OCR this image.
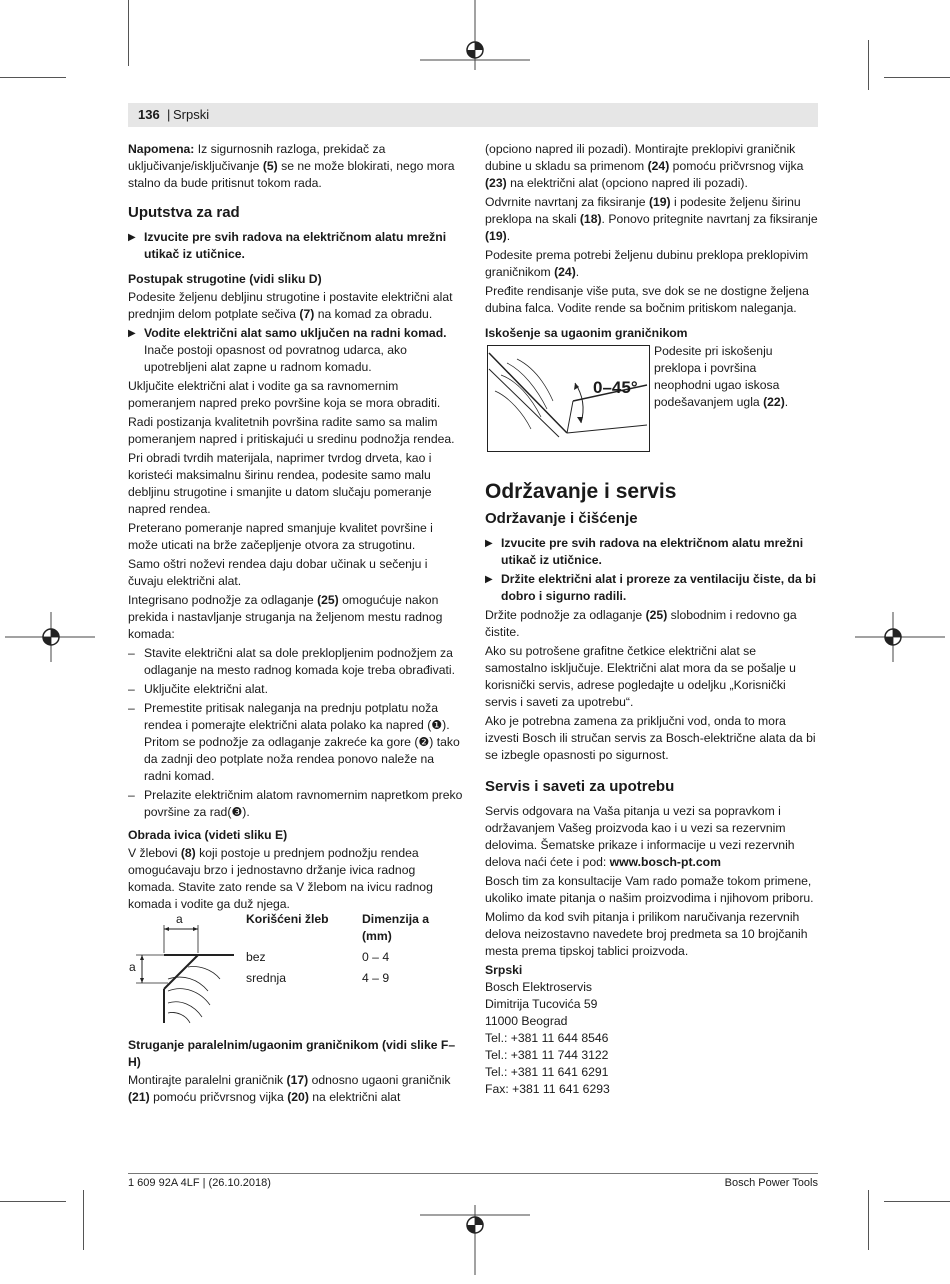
136 | Srpski

Napomena: Iz sigurnosnih razloga, prekidač za uključivanje/isključivanje (5) se ne može blokirati, nego mora stalno da bude pritisnut tokom rada.

Uputstva za rad
▶ Izvucite pre svih radova na električnom alatu mrežni utikač iz utičnice.
Postupak strugotine (vidi sliku D)

Podesite željenu debljinu strugotine i postavite električni alat prednjim delom potplate sečiva (7) na komad za obradu.

▶ Vodite električni alat samo uključen na radni komad. Inače postoji opasnost od povratnog udarca, ako upotrebljeni alat zapne u radnom komadu.

Uključite električni alat i vodite ga sa ravnomernim pomeranjem napred preko površine koja se mora obraditi.

Radi postizanja kvalitetnih površina radite samo sa malim pomeranjem napred i pritiskajući u sredinu podnožja rendea.

Pri obradi tvrdih materijala, naprimer tvrdog drveta, kao i koristeći maksimalnu širinu rendea, podesite samo malu debljinu strugotine i smanjite u datom slučaju pomeranje napred rendea.

Preterano pomeranje napred smanjuje kvalitet površine i može uticati na brže začepljenje otvora za strugotinu.

Samo oštri noževi rendea daju dobar učinak u sečenju i čuvaju električni alat.

Integrisano podnožje za odlaganje (25) omogućuje nakon prekida i nastavljanje struganja na željenom mestu radnog komada:

– Stavite električni alat sa dole preklopljenim podnožjem za odlaganje na mesto radnog komada koje treba obrađivati.
– Uključite električni alat.
– Premestite pritisak naleganja na prednju potplatu noža rendea i pomerajte električni alata polako ka napred (❶). Pritom se podnožje za odlaganje zakreće ka gore (❷) tako da zadnji deo potplate noža rendea ponovo naleže na radni komad.
– Prelazite električnim alatom ravnomernim napretkom preko površine za rad(❸).
Obrada ivica (videti sliku E)

V žlebovi (8) koji postoje u prednjem podnožju rendea omogućavaju brzo i jednostavno držanje ivica radnog komada. Stavite zato rende sa V žlebom na ivicu radnog komada i vodite ga duž njega.

a
a
Korišćeni žleb	Dimenzija a (mm)
bez	0 – 4
srednja	4 – 9
Struganje paralelnim/ugaonim graničnikom (vidi slike F–H)

Montirajte paralelni graničnik (17) odnosno ugaoni graničnik (21) pomoću pričvrsnog vijka (20) na električni alat

(opciono napred ili pozadi). Montirajte preklopivi graničnik dubine u skladu sa primenom (24) pomoću pričvrsnog vijka (23) na električni alat (opciono napred ili pozadi).

Odvrnite navrtanj za fiksiranje (19) i podesite željenu širinu preklopa na skali (18). Ponovo pritegnite navrtanj za fiksiranje (19).

Podesite prema potrebi željenu dubinu preklopa preklopivim graničnikom (24).

Pređite rendisanje više puta, sve dok se ne dostigne željena dubina falca. Vodite rende sa bočnim pritiskom naleganja.

Iskošenje sa ugaonim graničnikom
0–45°

Podesite pri iskošenju preklopa i površina neophodni ugao iskosa podešavanjem ugla (22).

Održavanje i servis
Održavanje i čišćenje
▶ Izvucite pre svih radova na električnom alatu mrežni utikač iz utičnice.
▶ Držite električni alat i proreze za ventilaciju čiste, da bi dobro i sigurno radili.

Držite podnožje za odlaganje (25) slobodnim i redovno ga čistite.

Ako su potrošene grafitne četkice električni alat se samostalno isključuje. Električni alat mora da se pošalje u korisnički servis, adrese pogledajte u odeljku „Korisnički servis i saveti za upotrebu“.

Ako je potrebna zamena za priključni vod, onda to mora izvesti Bosch ili stručan servis za Bosch-električne alata da bi se izbegle opasnosti po sigurnost.

Servis i saveti za upotrebu

Servis odgovara na Vaša pitanja u vezi sa popravkom i održavanjem Vašeg proizvoda kao i u vezi sa rezervnim delovima. Šematske prikaze i informacije u vezi rezervnih delova naći ćete i pod: www.bosch-pt.com

Bosch tim za konsultacije Vam rado pomaže tokom primene, ukoliko imate pitanja o našim proizvodima i njihovom priboru.

Molimo da kod svih pitanja i prilikom naručivanja rezervnih delova neizostavno navedete broj predmeta sa 10 brojčanih mesta prema tipskoj tablici proizvoda.

Srpski

Bosch Elektroservis
Dimitrija Tucovića 59
11000 Beograd
Tel.: +381 11 644 8546
Tel.: +381 11 744 3122
Tel.: +381 11 641 6291
Fax: +381 11 641 6293
1 609 92A 4LF | (26.10.2018)	Bosch Power Tools
